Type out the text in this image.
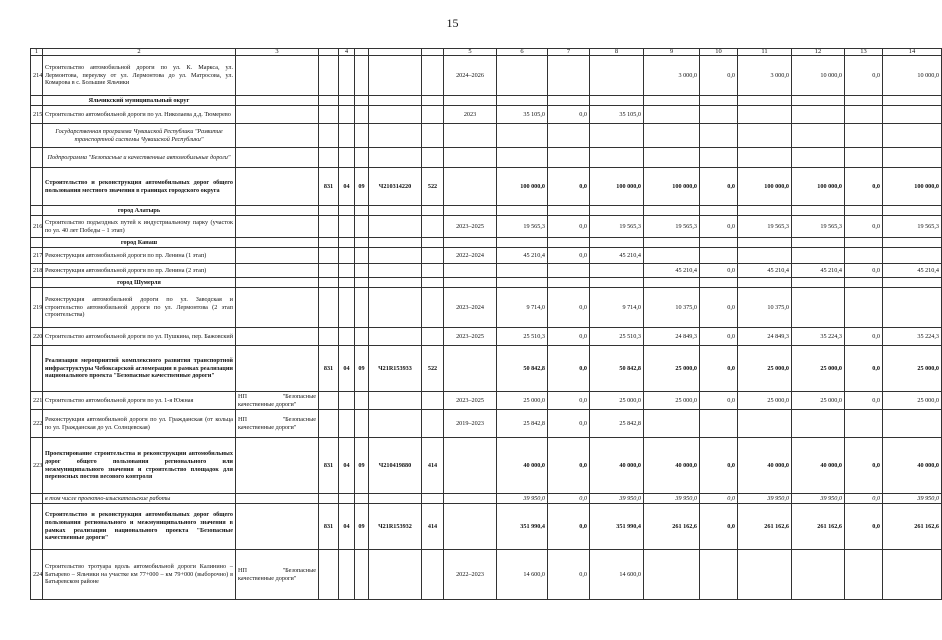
15
1	2	3		4				5	6	7	8	9	10	11	12	13	14
214	Строительство автомобильной дороги по ул. К. Маркса, ул. Лермонтова, переулку от ул. Лермонтова до ул. Матросова, ул. Комарова в с. Большие Яльчики							2024–2026				3 000,0	0,0	3 000,0	10 000,0	0,0	10 000,0
	Яльчикский муниципальный округ																
215	Строительство автомобильной дороги по ул. Николаева д.д. Тюмерево							2023	35 105,0	0,0	35 105,0						
	Государственная программа Чувашской Республики "Развитие транспортной системы Чувашской Республики"																
	Подпрограмма "Безопасные и качественные автомобильные дороги"																
	Строительство и реконструкция автомобильных дорог общего пользования местного значения в границах городского округа		831	04	09	Ч210314220	522		100 000,0	0,0	100 000,0	100 000,0	0,0	100 000,0	100 000,0	0,0	100 000,0
	город Алатырь																
216	Строительство подъездных путей к индустриальному парку (участок по ул. 40 лет Победы – 1 этап)							2023–2025	19 565,3	0,0	19 565,3	19 565,3	0,0	19 565,3	19 565,3	0,0	19 565,3
	город Канаш																
217	Реконструкция автомобильной дороги по пр. Ленина (1 этап)							2022–2024	45 210,4	0,0	45 210,4						
218	Реконструкция автомобильной дороги по пр. Ленина (2 этап)											45 210,4	0,0	45 210,4	45 210,4	0,0	45 210,4
	город Шумерля																
219	Реконструкция автомобильной дороги по ул. Заводская и строительство автомобильной дороги по ул. Лермонтова (2 этап строительства)							2023–2024	9 714,0	0,0	9 714,0	10 375,0	0,0	10 375,0			
220	Строительство автомобильной дороги по ул. Пушкина, пер. Бажовский							2023–2025	25 510,3	0,0	25 510,3	24 849,3	0,0	24 849,3	35 224,3	0,0	35 224,3
	Реализация мероприятий комплексного развития транспортной инфраструктуры Чебоксарской агломерации в рамках реализации национального проекта "Безопасные качественные дороги"		831	04	09	Ч21R153933	522		50 842,8	0,0	50 842,8	25 000,0	0,0	25 000,0	25 000,0	0,0	25 000,0
221	Строительство автомобильной дороги по ул. 1-я Южная	НП "Безопасные качественные дороги"						2023–2025	25 000,0	0,0	25 000,0	25 000,0	0,0	25 000,0	25 000,0	0,0	25 000,0
222	Реконструкция автомобильной дороги по ул. Гражданская (от кольца по ул. Гражданская до ул. Солнцевская)	НП "Безопасные качественные дороги"						2019–2023	25 842,8	0,0	25 842,8						
223	Проектирование строительства и реконструкции автомобильных дорог общего пользования регионального или межмуниципального значения и строительство площадок для переносных постов весового контроля		831	04	09	Ч210419880	414		40 000,0	0,0	40 000,0	40 000,0	0,0	40 000,0	40 000,0	0,0	40 000,0
	в том числе проектно-изыскательские работы								39 950,0	0,0	39 950,0	39 950,0	0,0	39 950,0	39 950,0	0,0	39 950,0
	Строительство и реконструкция автомобильных дорог общего пользования регионального и межмуниципального значения в рамках реализации национального проекта "Безопасные качественные дороги"		831	04	09	Ч21R153932	414		351 990,4	0,0	351 990,4	261 162,6	0,0	261 162,6	261 162,6	0,0	261 162,6
224	Строительство тротуара вдоль автомобильной дороги Калинино – Батырево – Яльчики на участке км 77+000 – км 79+000 (выборочно) в Батыревском районе	НП "Безопасные качественные дороги"						2022–2023	14 600,0	0,0	14 600,0						
